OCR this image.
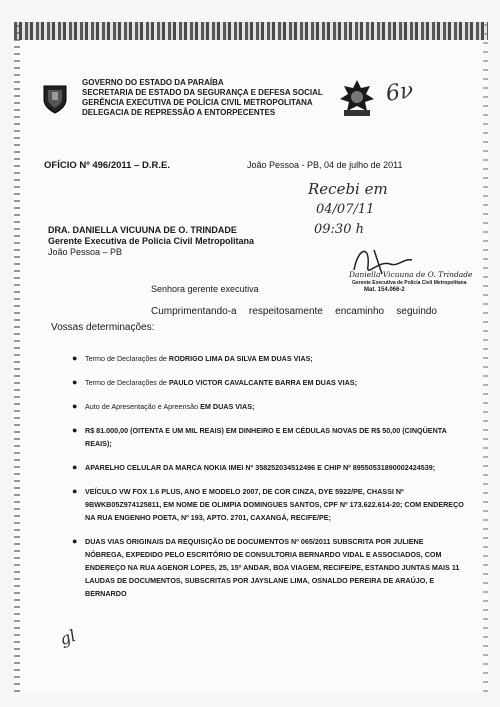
GOVERNO DO ESTADO DA PARAÍBA
SECRETARIA DE ESTADO DA SEGURANÇA E DEFESA SOCIAL
GERÊNCIA EXECUTIVA DE POLÍCIA CIVIL METROPOLITANA
DELEGACIA DE REPRESSÃO A ENTORPECENTES
6ν
OFÍCIO Nº 496/2011 – D.R.E.	João Pessoa - PB, 04 de julho de 2011
Recebi em
04/07/11
09:30 h
DRA. DANIELLA VICUUNA DE O. TRINDADE
Gerente Executiva de Polícia Civil Metropolitana
João Pessoa – PB
Daniella Vicuuna de O. Trindade
Gerente Executiva de Polícia Civil Metropolitana
Mat. 154.066-2
Senhora gerente executiva
Cumprimentando-a respeitosamente encaminho seguindo
Vossas determinações:
● Termo de Declarações de RODRIGO LIMA DA SILVA EM DUAS VIAS;
● Termo de Declarações de PAULO VICTOR CAVALCANTE BARRA EM DUAS VIAS;
● Auto de Apresentação e Apreensão EM DUAS VIAS;
● R$ 81.000,00 (OITENTA E UM MIL REAIS) EM DINHEIRO E EM CÉDULAS NOVAS DE R$ 50,00 (CINQÜENTA REAIS);
● APARELHO CELULAR DA MARCA NOKIA IMEI Nº 358252034512496 E CHIP Nº 89550531890002424539;
● VEÍCULO VW FOX 1.6 PLUS, ANO E MODELO 2007, DE COR CINZA, DYE 5922/PE, CHASSI Nº 9BWKB05Z974125811, EM NOME DE OLIMPIA DOMINGUES SANTOS, CPF Nº 173.622.614-20; COM ENDEREÇO NA RUA ENGENHO POETA, Nº 193, APTO. 2701, CAXANGÁ, RECIFE/PE;
● DUAS VIAS ORIGINAIS DA REQUISIÇÃO DE DOCUMENTOS Nº 065/2011 SUBSCRITA POR JULIENE NÓBREGA, EXPEDIDO PELO ESCRITÓRIO DE CONSULTORIA BERNARDO VIDAL E ASSOCIADOS, COM ENDEREÇO NA RUA AGENOR LOPES, 25, 15º ANDAR, BOA VIAGEM, RECIFE/PE, ESTANDO JUNTAS MAIS 11 LAUDAS DE DOCUMENTOS, SUBSCRITAS POR JAYSLANE LIMA, OSNALDO PEREIRA DE ARAÚJO, E BERNARDO
gl
